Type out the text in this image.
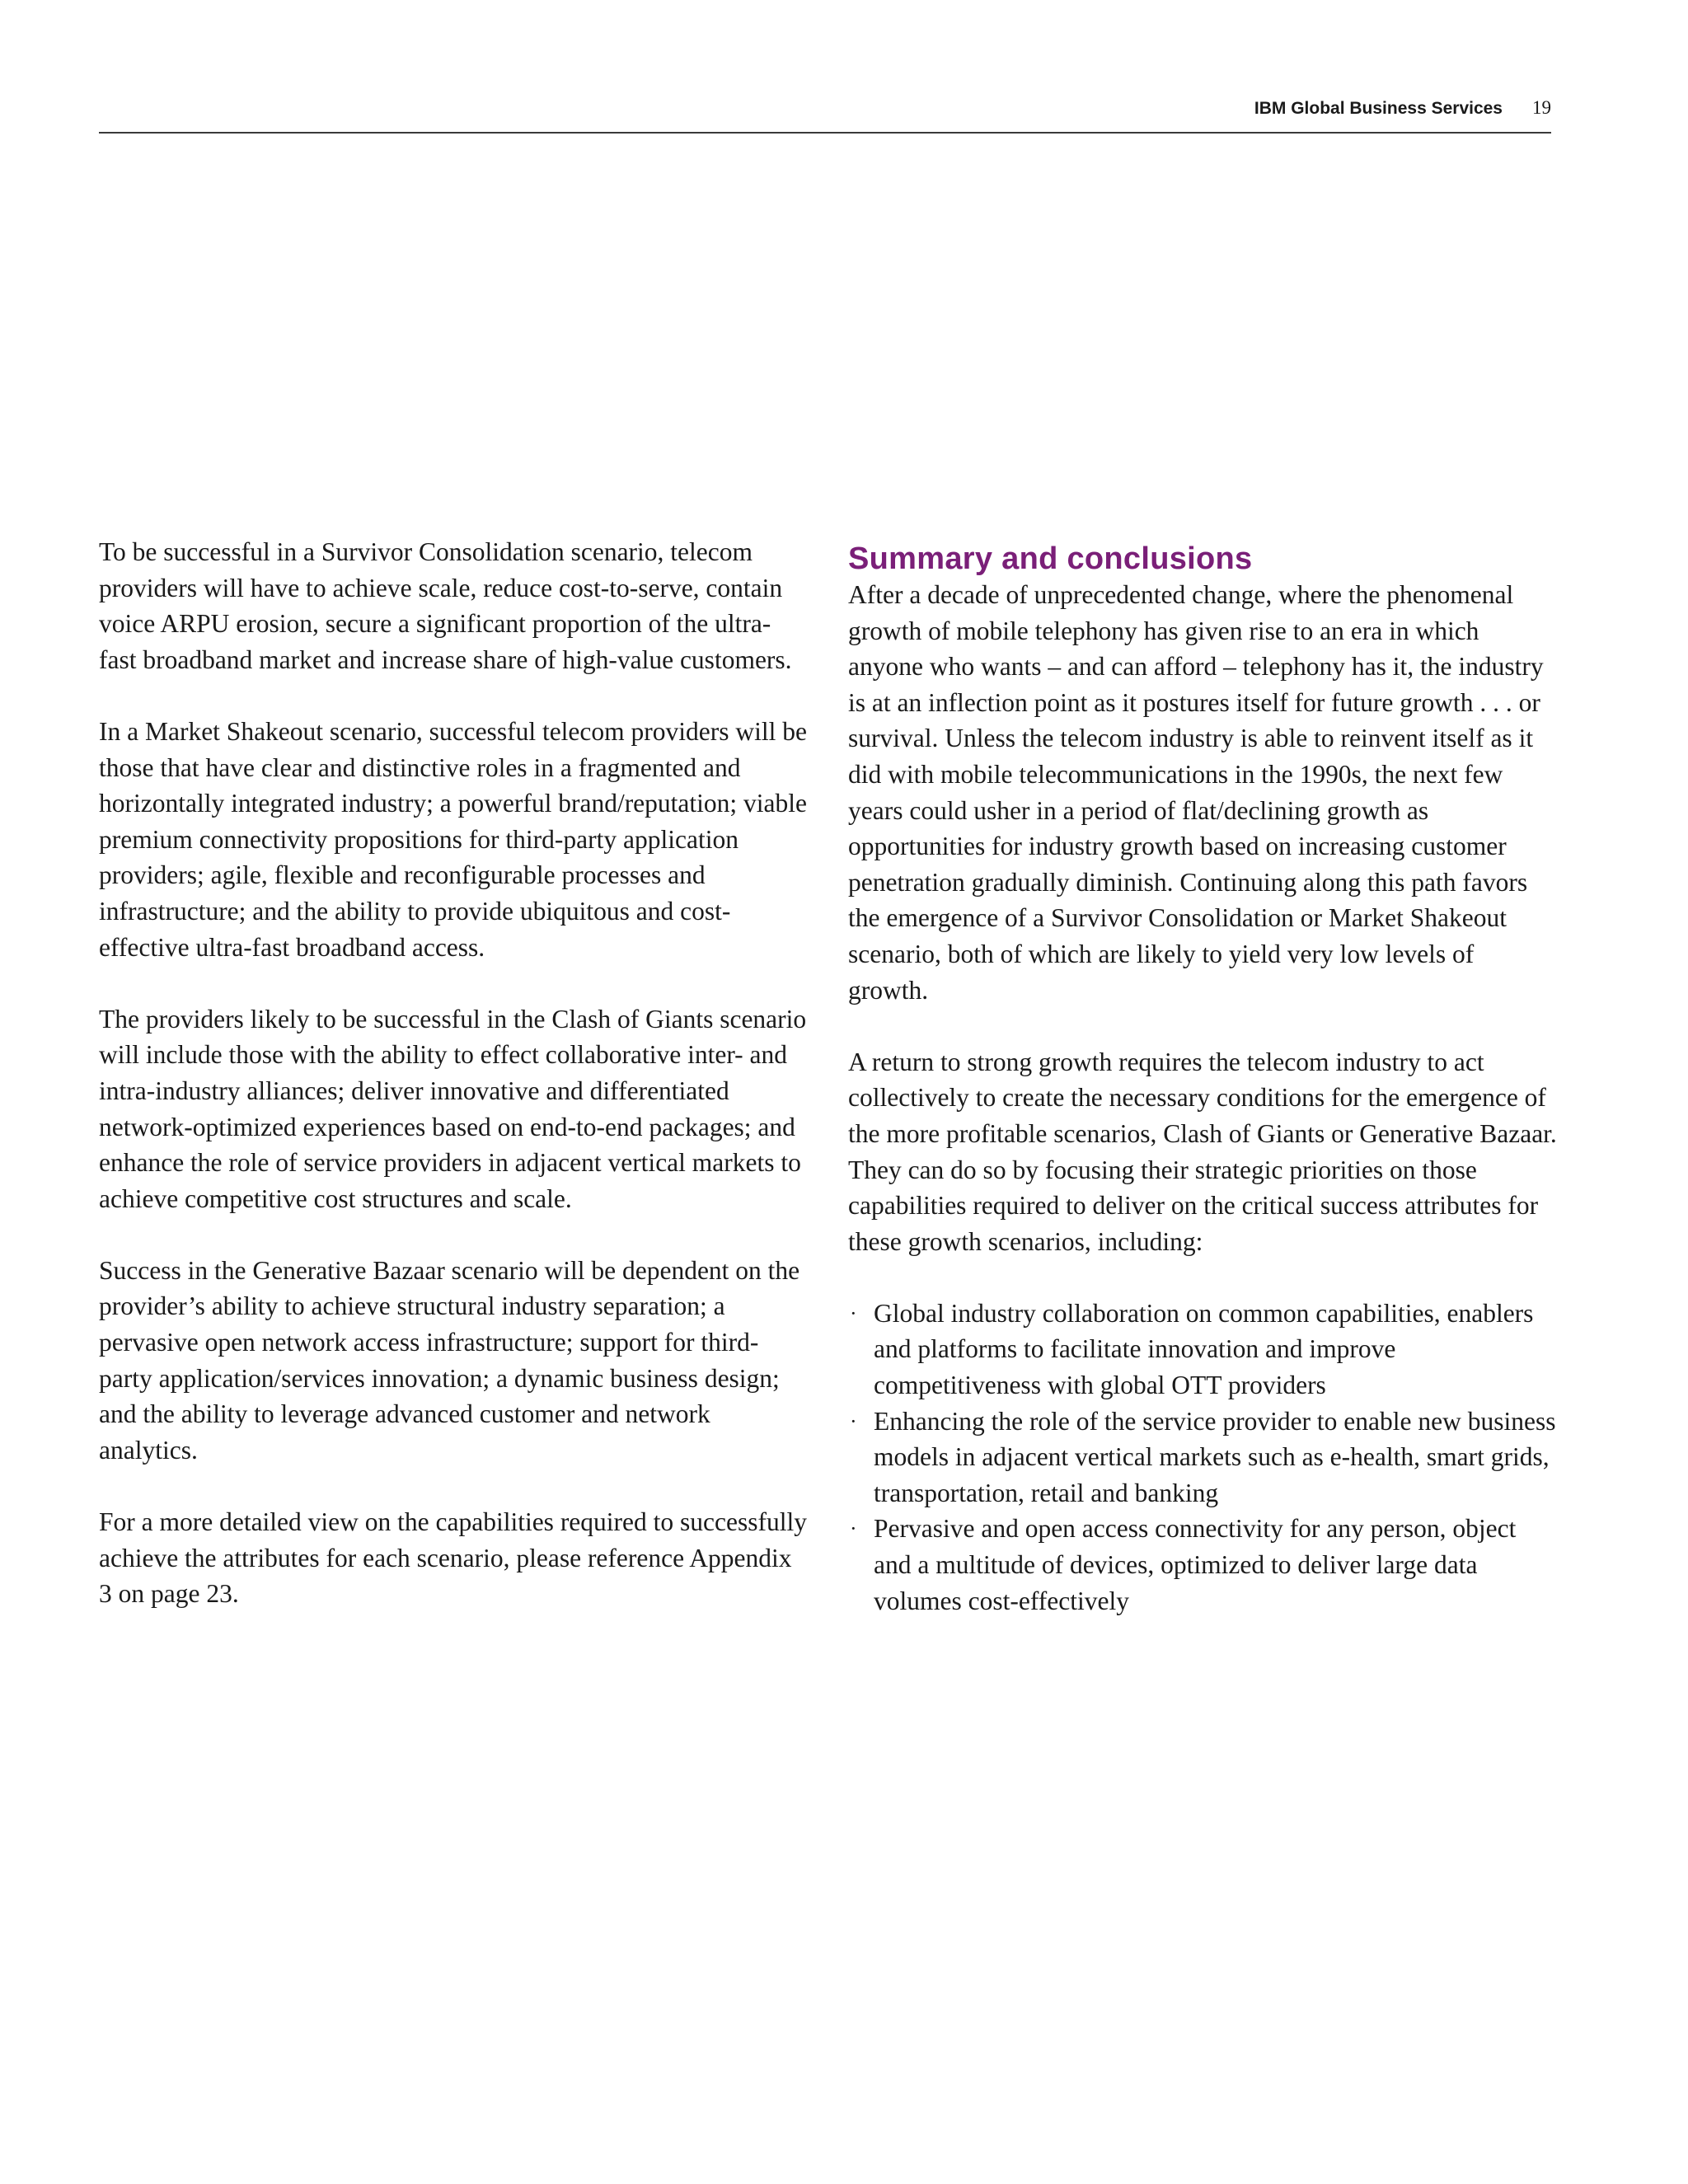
IBM Global Business Services 19

To be successful in a Survivor Consolidation scenario, telecom providers will have to achieve scale, reduce cost-to-serve, contain voice ARPU erosion, secure a significant proportion of the ultra-fast broadband market and increase share of high-value customers.

In a Market Shakeout scenario, successful telecom providers will be those that have clear and distinctive roles in a fragmented and horizontally integrated industry; a powerful brand/reputation; viable premium connectivity propositions for third-party application providers; agile, flexible and reconfigurable processes and infrastructure; and the ability to provide ubiquitous and cost-effective ultra-fast broadband access.

The providers likely to be successful in the Clash of Giants scenario will include those with the ability to effect collaborative inter- and intra-industry alliances; deliver innovative and differentiated network-optimized experiences based on end-to-end packages; and enhance the role of service providers in adjacent vertical markets to achieve competitive cost structures and scale.

Success in the Generative Bazaar scenario will be dependent on the provider’s ability to achieve structural industry separation; a pervasive open network access infrastructure; support for third-party application/services innovation; a dynamic business design; and the ability to leverage advanced customer and network analytics.

For a more detailed view on the capabilities required to successfully achieve the attributes for each scenario, please reference Appendix 3 on page 23.

Summary and conclusions

After a decade of unprecedented change, where the phenomenal growth of mobile telephony has given rise to an era in which anyone who wants – and can afford – telephony has it, the industry is at an inflection point as it postures itself for future growth . . . or survival. Unless the telecom industry is able to reinvent itself as it did with mobile telecommunications in the 1990s, the next few years could usher in a period of flat/declining growth as opportunities for industry growth based on increasing customer penetration gradually diminish. Continuing along this path favors the emergence of a Survivor Consolidation or Market Shakeout scenario, both of which are likely to yield very low levels of growth.

A return to strong growth requires the telecom industry to act collectively to create the necessary conditions for the emergence of the more profitable scenarios, Clash of Giants or Generative Bazaar. They can do so by focusing their strategic priorities on those capabilities required to deliver on the critical success attributes for these growth scenarios, including:

· Global industry collaboration on common capabilities, enablers and platforms to facilitate innovation and improve competitiveness with global OTT providers
· Enhancing the role of the service provider to enable new business models in adjacent vertical markets such as e-health, smart grids, transportation, retail and banking
· Pervasive and open access connectivity for any person, object and a multitude of devices, optimized to deliver large data volumes cost-effectively
